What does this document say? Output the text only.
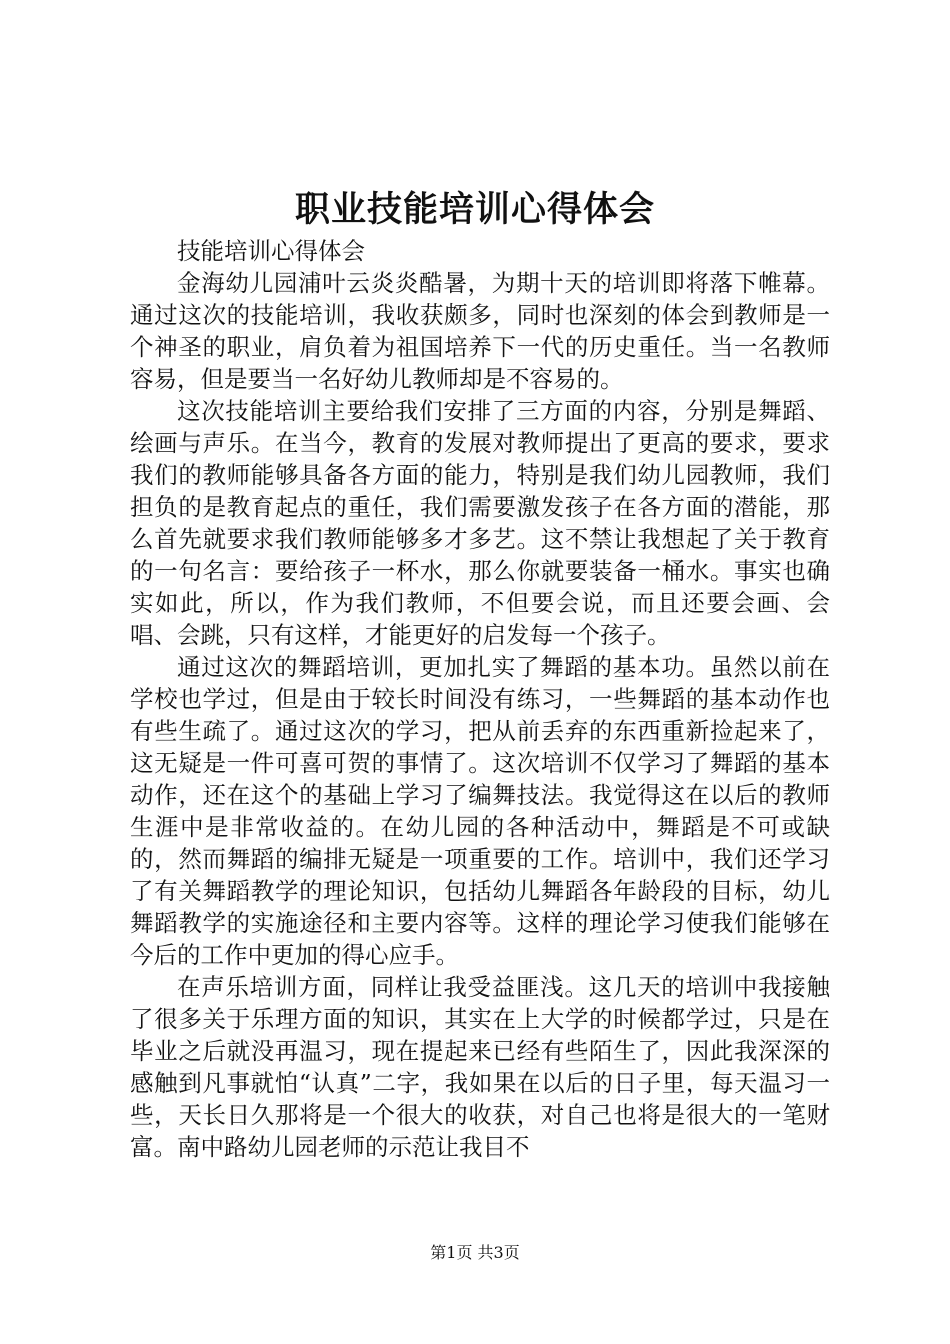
职业技能培训心得体会

技能培训心得体会

金海幼儿园浦叶云炎炎酷暑，为期十天的培训即将落下帷幕。通过这次的技能培训，我收获颇多，同时也深刻的体会到教师是一个神圣的职业，肩负着为祖国培养下一代的历史重任。当一名教师容易，但是要当一名好幼儿教师却是不容易的。

这次技能培训主要给我们安排了三方面的内容，分别是舞蹈、绘画与声乐。在当今，教育的发展对教师提出了更高的要求，要求我们的教师能够具备各方面的能力，特别是我们幼儿园教师，我们担负的是教育起点的重任，我们需要激发孩子在各方面的潜能，那么首先就要求我们教师能够多才多艺。这不禁让我想起了关于教育的一句名言：要给孩子一杯水，那么你就要装备一桶水。事实也确实如此，所以，作为我们教师，不但要会说，而且还要会画、会唱、会跳，只有这样，才能更好的启发每一个孩子。

通过这次的舞蹈培训，更加扎实了舞蹈的基本功。虽然以前在学校也学过，但是由于较长时间没有练习，一些舞蹈的基本动作也有些生疏了。通过这次的学习，把从前丢弃的东西重新捡起来了，这无疑是一件可喜可贺的事情了。这次培训不仅学习了舞蹈的基本动作，还在这个的基础上学习了编舞技法。我觉得这在以后的教师生涯中是非常收益的。在幼儿园的各种活动中，舞蹈是不可或缺的，然而舞蹈的编排无疑是一项重要的工作。培训中，我们还学习了有关舞蹈教学的理论知识，包括幼儿舞蹈各年龄段的目标，幼儿舞蹈教学的实施途径和主要内容等。这样的理论学习使我们能够在今后的工作中更加的得心应手。

在声乐培训方面，同样让我受益匪浅。这几天的培训中我接触了很多关于乐理方面的知识，其实在上大学的时候都学过，只是在毕业之后就没再温习，现在提起来已经有些陌生了，因此我深深的感触到凡事就怕“认真”二字，我如果在以后的日子里，每天温习一些，天长日久那将是一个很大的收获，对自己也将是很大的一笔财富。南中路幼儿园老师的示范让我目不

第1页 共3页
